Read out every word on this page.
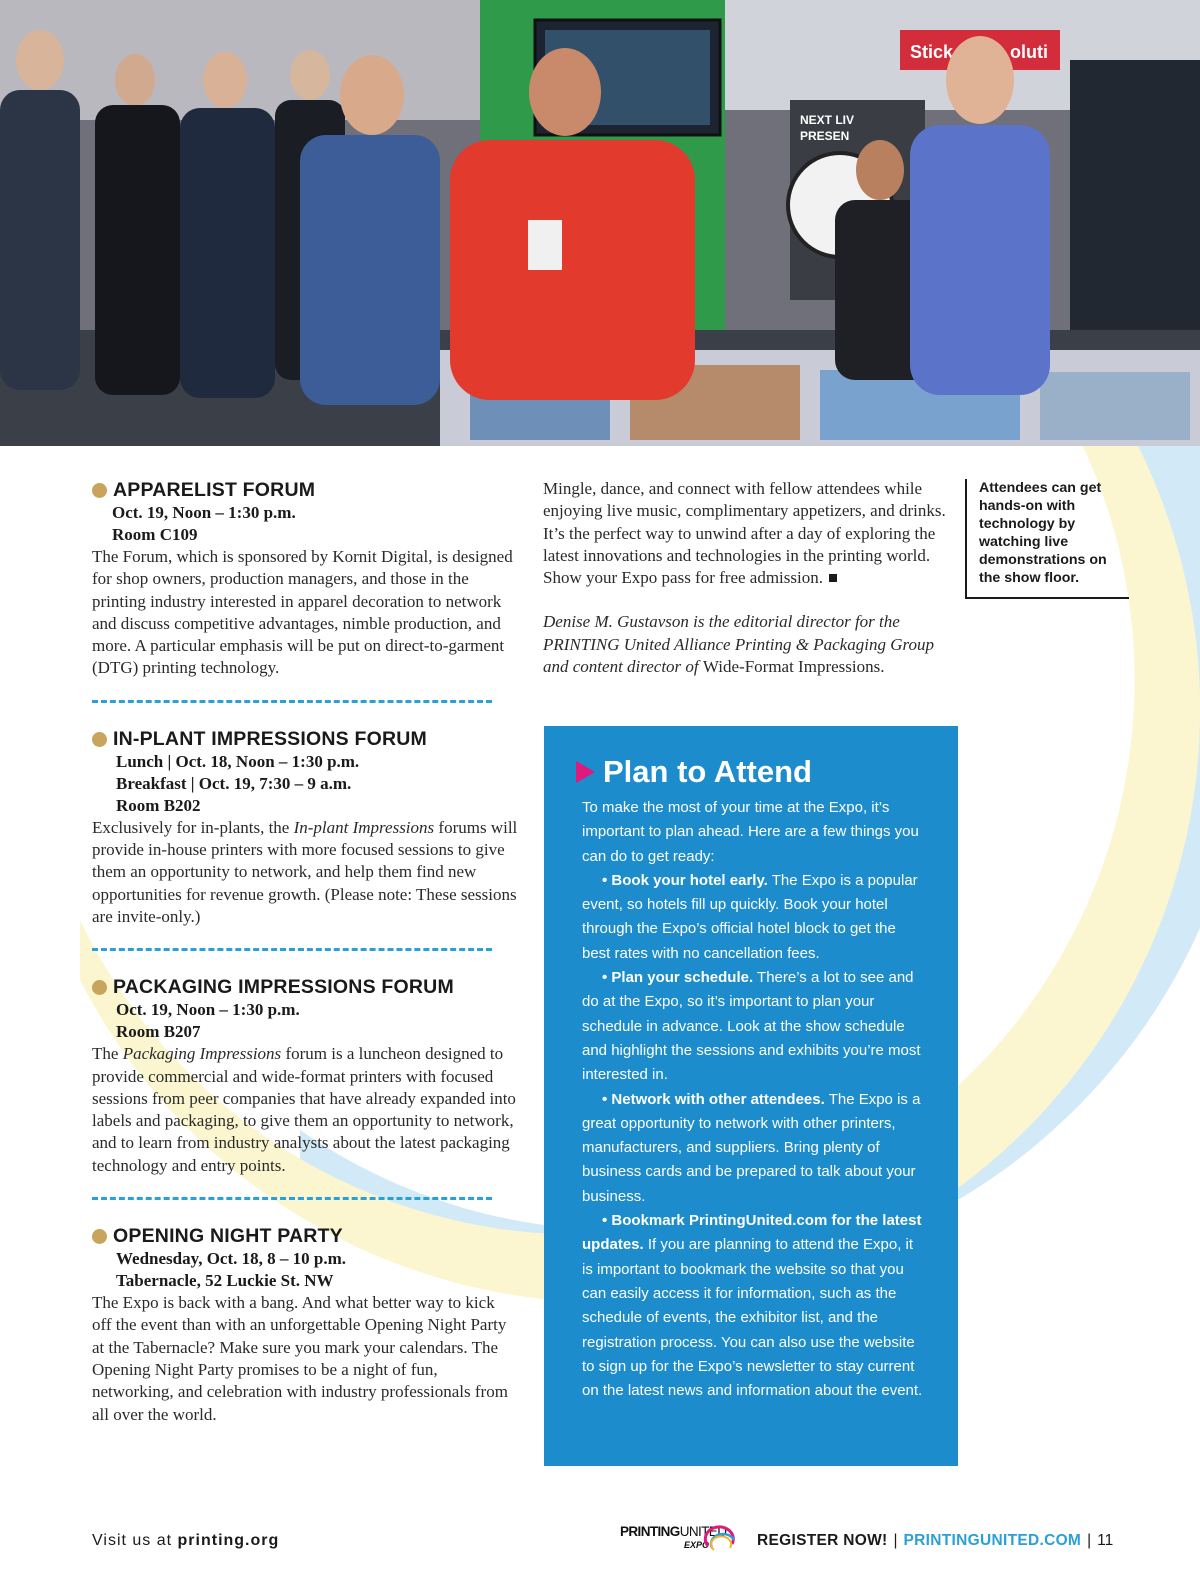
Stick	oluti
NEXT LIV
PRESEN
APPARELIST FORUM
Oct. 19, Noon – 1:30 p.m.
Room C109
The Forum, which is sponsored by Kornit Digital, is designed for shop owners, production managers, and those in the printing industry interested in apparel decoration to network and discuss competitive advantages, nimble production, and more. A particular emphasis will be put on direct-to-garment (DTG) printing technology.
IN-PLANT IMPRESSIONS FORUM
Lunch | Oct. 18, Noon – 1:30 p.m.
Breakfast | Oct. 19, 7:30 – 9 a.m.
Room B202
Exclusively for in-plants, the In-plant Impressions forums will provide in-house printers with more focused sessions to give them an opportunity to network, and help them find new opportunities for revenue growth. (Please note: These sessions are invite-only.)
PACKAGING IMPRESSIONS FORUM
Oct. 19, Noon – 1:30 p.m.
Room B207
The Packaging Impressions forum is a luncheon designed to provide commercial and wide-format printers with focused sessions from peer companies that have already expanded into labels and packaging, to give them an opportunity to network, and to learn from industry analysts about the latest packaging technology and entry points.
OPENING NIGHT PARTY
Wednesday, Oct. 18, 8 – 10 p.m.
Tabernacle, 52 Luckie St. NW
The Expo is back with a bang. And what better way to kick off the event than with an unforgettable Opening Night Party at the Tabernacle? Make sure you mark your calendars. The Opening Night Party promises to be a night of fun, networking, and celebration with industry professionals from all over the world.

Mingle, dance, and connect with fellow attendees while enjoying live music, complimentary appetizers, and drinks. It’s the perfect way to unwind after a day of exploring the latest innovations and technologies in the printing world. Show your Expo pass for free admission.

Denise M. Gustavson is the editorial director for the PRINTING United Alliance Printing & Packaging Group and content director of Wide-Format Impressions.

Attendees can get hands-on with technology by watching live demonstrations on the show floor.
Plan to Attend
To make the most of your time at the Expo, it’s important to plan ahead. Here are a few things you can do to get ready:
• Book your hotel early. The Expo is a popular event, so hotels fill up quickly. Book your hotel through the Expo’s official hotel block to get the best rates with no cancellation fees.
• Plan your schedule. There’s a lot to see and do at the Expo, so it’s important to plan your schedule in advance. Look at the show schedule and highlight the sessions and exhibits you’re most interested in.
• Network with other attendees. The Expo is a great opportunity to network with other printers, manufacturers, and suppliers. Bring plenty of business cards and be prepared to talk about your business.
• Bookmark PrintingUnited.com for the latest updates. If you are planning to attend the Expo, it is important to bookmark the website so that you can easily access it for information, such as the schedule of events, the exhibitor list, and the registration process. You can also use the website to sign up for the Expo’s newsletter to stay current on the latest news and information about the event.
Visit us at printing.org
PRINTINGUNITED
EXPO	REGISTER NOW! | PRINTINGUNITED.COM | 11
